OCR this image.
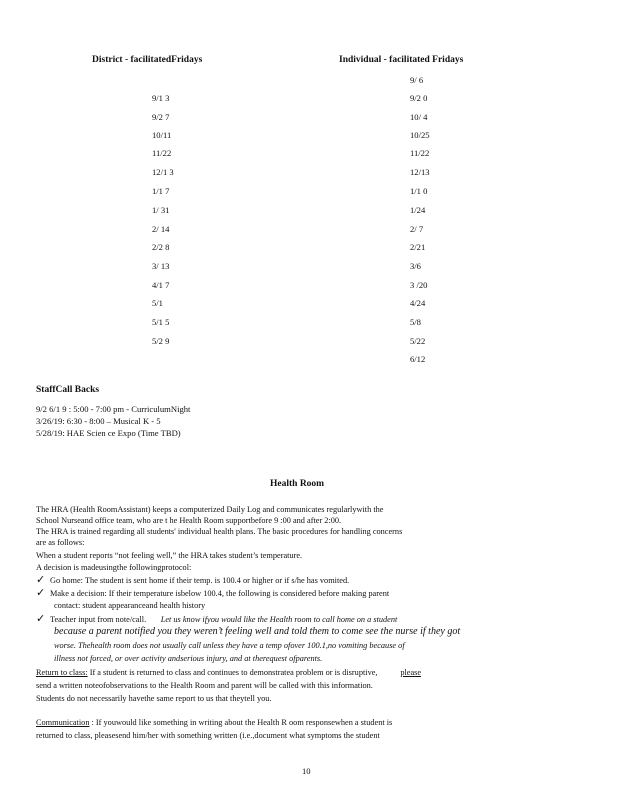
District - facilitatedFridays	Individual - facilitated Fridays
9/1 3
9/2 7
10/11
11/22
12/1 3
1/1 7
1/ 31
2/ 14
2/2 8
3/ 13
4/1 7
5/1
5/1 5
5/2 9
9/ 6
9/2 0
10/ 4
10/25
11/22
12/13
1/1 0
1/24
2/ 7
2/21
3/6
3 /20
4/24
5/8
5/22
6/12
StaffCall Backs
9/2 6/1 9 : 5:00 - 7:00 pm - CurriculumNight
3/26/19: 6:30 - 8:00 – Musical K - 5
5/28/19: HAE Scien ce Expo (Time TBD)
Health Room
The HRA (Health RoomAssistant) keeps a computerized Daily Log and communicates regularlywith the
School Nurseand office team, who are t he Health Room supportbefore 9 :00 and after 2:00.
The HRA is trained regarding all students' individual health plans. The basic procedures for handling concerns
are as follows:
When a student reports “not feeling well,” the HRA takes student’s temperature.
A decision is madeusingthe followingprotocol:
✓ Go home: The student is sent home if their temp. is 100.4 or higher or if s/he has vomited.
✓ Make a decision: If their temperature isbelow 100.4, the following is considered before making parent
contact: student appearanceand health history
✓ Teacher input from note/call. Let us know ifyou would like the Health room to call home on a student
because a parent notified you they weren’t feeling well and told them to come see the nurse if they got
worse. Thehealth room does not usually call unless they have a temp ofover 100.1,no vomiting because of
illness not forced, or over activity andserious injury, and at therequest ofparents.
Return to class: If a student is returned to class and continues to demonstratea problem or is disruptive,	please
send a written noteofobservations to the Health Room and parent will be called with this information.
Students do not necessarily havethe same report to us that theytell you.
Communication : If youwould like something in writing about the Health R oom responsewhen a student is
returned to class, pleasesend him/her with something written (i.e.,document what symptoms the student
10
